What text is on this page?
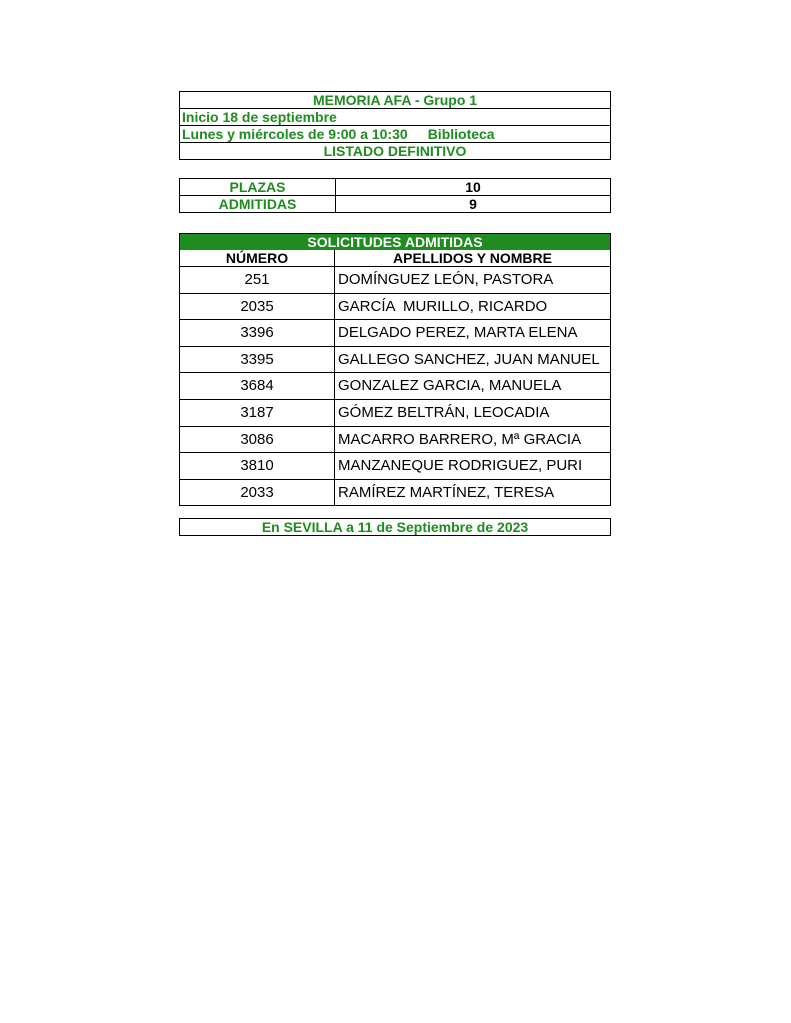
MEMORIA AFA - Grupo 1
Inicio 18 de septiembre
Lunes y miércoles de 9:00 a 10:30 Biblioteca
LISTADO DEFINITIVO
PLAZAS	10
ADMITIDAS	9
SOLICITUDES ADMITIDAS
NÚMERO	APELLIDOS Y NOMBRE
251	DOMÍNGUEZ LEÓN, PASTORA
2035	GARCÍA  MURILLO, RICARDO
3396	DELGADO PEREZ, MARTA ELENA
3395	GALLEGO SANCHEZ, JUAN MANUEL
3684	GONZALEZ GARCIA, MANUELA
3187	GÓMEZ BELTRÁN, LEOCADIA
3086	MACARRO BARRERO, Mª GRACIA
3810	MANZANEQUE RODRIGUEZ, PURI
2033	RAMÍREZ MARTÍNEZ, TERESA
En SEVILLA a 11 de Septiembre de 2023
